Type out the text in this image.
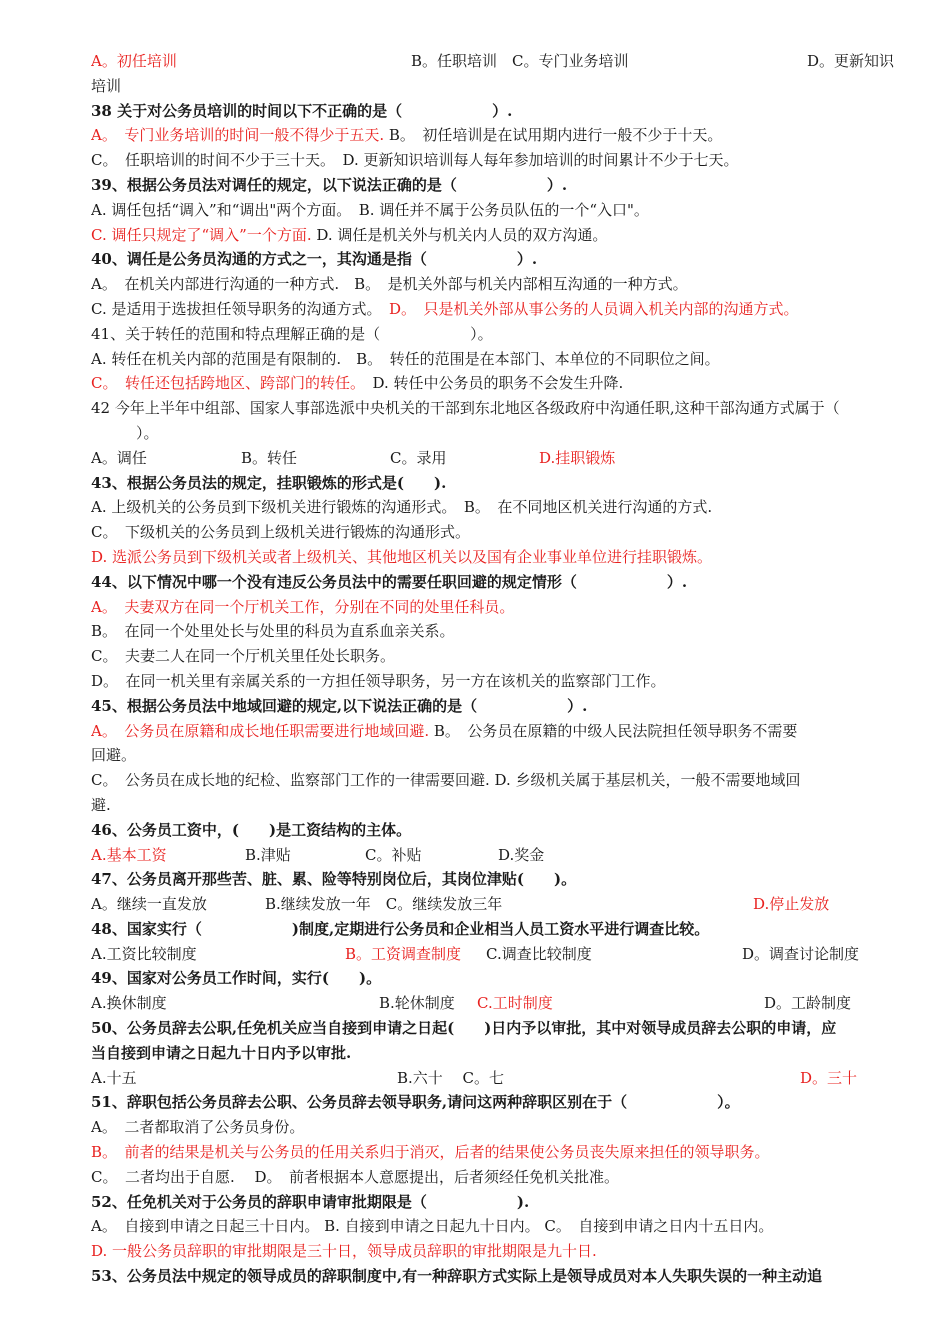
A。初任培训	B。任职培训　C。专门业务培训	D。更新知识
培训
38 关于对公务员培训的时间以下不正确的是（　　　　　　）.
A。　专门业务培训的时间一般不得少于五天. B。　初任培训是在试用期内进行一般不少于十天。
C。　任职培训的时间不少于三十天。　D. 更新知识培训每人每年参加培训的时间累计不少于七天。
39、根据公务员法对调任的规定，以下说法正确的是（　　　　　　）.
A. 调任包括“调入”和“调出"两个方面。　B. 调任并不属于公务员队伍的一个“入口"。
C. 调任只规定了“调入”一个方面. D. 调任是机关外与机关内人员的双方沟通。
40、调任是公务员沟通的方式之一，其沟通是指（　　　　　　）.
A。　在机关内部进行沟通的一种方式.　B。　是机关外部与机关内部相互沟通的一种方式。
C. 是适用于选拔担任领导职务的沟通方式。　D。　只是机关外部从事公务的人员调入机关内部的沟通方式。
41、关于转任的范围和特点理解正确的是（　　　　　　）。
A. 转任在机关内部的范围是有限制的.　B。　转任的范围是在本部门、本单位的不同职位之间。
C。　转任还包括跨地区、跨部门的转任。　D. 转任中公务员的职务不会发生升降.
42 今年上半年中组部、国家人事部选派中央机关的干部到东北地区各级政府中沟通任职,这种干部沟通方式属于（
　　　）。
A。调任	B。转任	C。录用	D.挂职锻炼
43、根据公务员法的规定，挂职锻炼的形式是(　　).
A. 上级机关的公务员到下级机关进行锻炼的沟通形式。　B。　在不同地区机关进行沟通的方式.
C。　下级机关的公务员到上级机关进行锻炼的沟通形式。
D. 选派公务员到下级机关或者上级机关、其他地区机关以及国有企业事业单位进行挂职锻炼。
44、以下情况中哪一个没有违反公务员法中的需要任职回避的规定情形（　　　　　　）.
A。　夫妻双方在同一个厅机关工作，分别在不同的处里任科员。
B。　在同一个处里处长与处里的科员为直系血亲关系。
C。　夫妻二人在同一个厅机关里任处长职务。
D。　在同一机关里有亲属关系的一方担任领导职务，另一方在该机关的监察部门工作。
45、根据公务员法中地域回避的规定,以下说法正确的是（　　　　　　）.
A。　公务员在原籍和成长地任职需要进行地域回避. B。　公务员在原籍的中级人民法院担任领导职务不需要
回避。
C。　公务员在成长地的纪检、监察部门工作的一律需要回避. D. 乡级机关属于基层机关，一般不需要地域回
避.
46、公务员工资中，(　　)是工资结构的主体。
A.基本工资	B.津贴	C。补贴	D.奖金
47、公务员离开那些苦、脏、累、险等特别岗位后，其岗位津贴(　　)。
A。继续一直发放	B.继续发放一年　C。继续发放三年	D.停止发放
48、国家实行（　　　　　　)制度,定期进行公务员和企业相当人员工资水平进行调查比较。
A.工资比较制度	B。工资调查制度	C.调查比较制度	D。调查讨论制度
49、国家对公务员工作时间，实行(　　)。
A.换休制度	B.轮休制度	C.工时制度	D。工龄制度
50、公务员辞去公职,任免机关应当自接到申请之日起(　　)日内予以审批，其中对领导成员辞去公职的申请，应
当自接到申请之日起九十日内予以审批.
A.十五	B.六十　 C。七	D。三十
51、辞职包括公务员辞去公职、公务员辞去领导职务,请问这两种辞职区别在于（　　　　　　）。
A。　二者都取消了公务员身份。
B。　前者的结果是机关与公务员的任用关系归于消灭，后者的结果使公务员丧失原来担任的领导职务。
C。　二者均出于自愿.　 D。　前者根据本人意愿提出，后者须经任免机关批准。
52、任免机关对于公务员的辞职申请审批期限是（　　　　　　).
A。　自接到申请之日起三十日内。 B. 自接到申请之日起九十日内。 C。　自接到申请之日内十五日内。
D. 一般公务员辞职的审批期限是三十日，领导成员辞职的审批期限是九十日.
53、公务员法中规定的领导成员的辞职制度中,有一种辞职方式实际上是领导成员对本人失职失误的一种主动追
